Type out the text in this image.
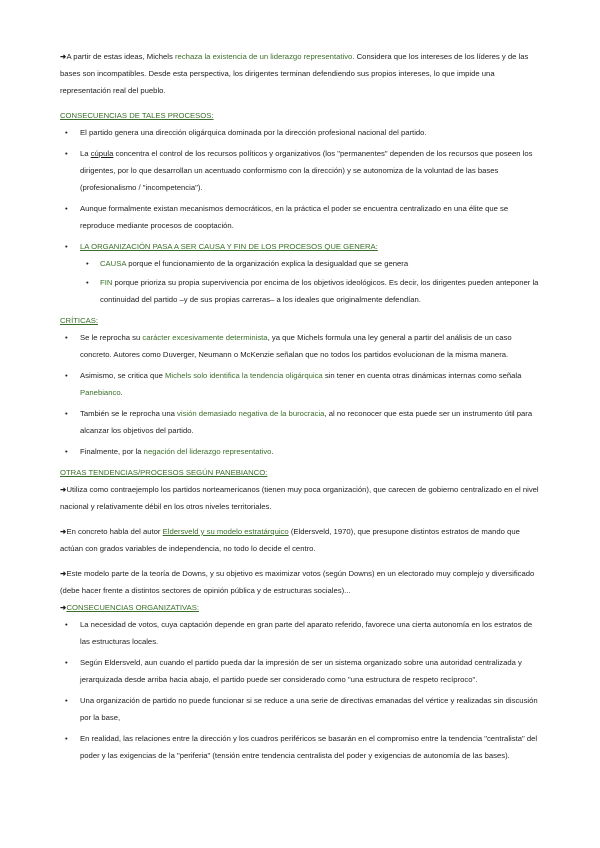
➜A partir de estas ideas, Michels rechaza la existencia de un liderazgo representativo. Considera que los intereses de los líderes y de las bases son incompatibles. Desde esta perspectiva, los dirigentes terminan defendiendo sus propios intereses, lo que impide una representación real del pueblo.

CONSECUENCIAS DE TALES PROCESOS:

• El partido genera una dirección oligárquica dominada por la dirección profesional nacional del partido.
• La cúpula concentra el control de los recursos políticos y organizativos (los "permanentes" dependen de los recursos que poseen los dirigentes, por lo que desarrollan un acentuado conformismo con la dirección) y se autonomiza de la voluntad de las bases (profesionalismo / "incompetencia").
• Aunque formalmente existan mecanismos democráticos, en la práctica el poder se encuentra centralizado en una élite que se reproduce mediante procesos de cooptación.
• LA ORGANIZACIÓN PASA A SER CAUSA Y FIN DE LOS PROCESOS QUE GENERA:
• CAUSA porque el funcionamiento de la organización explica la desigualdad que se genera
• FIN porque prioriza su propia supervivencia por encima de los objetivos ideológicos. Es decir, los dirigentes pueden anteponer la continuidad del partido –y de sus propias carreras– a los ideales que originalmente defendían.

CRÍTICAS:

• Se le reprocha su carácter excesivamente determinista, ya que Michels formula una ley general a partir del análisis de un caso concreto. Autores como Duverger, Neumann o McKenzie señalan que no todos los partidos evolucionan de la misma manera.
• Asimismo, se critica que Michels solo identifica la tendencia oligárquica sin tener en cuenta otras dinámicas internas como señala Panebianco.
• También se le reprocha una visión demasiado negativa de la burocracia, al no reconocer que esta puede ser un instrumento útil para alcanzar los objetivos del partido.
• Finalmente, por la negación del liderazgo representativo.

OTRAS TENDENCIAS/PROCESOS SEGÚN PANEBIANCO:

➜Utiliza como contraejemplo los partidos norteamericanos (tienen muy poca organización), que carecen de gobierno centralizado en el nivel nacional y relativamente débil en los otros niveles territoriales.

➜En concreto habla del autor Eldersveld y su modelo estratárquico (Eldersveld, 1970), que presupone distintos estratos de mando que actúan con grados variables de independencia, no todo lo decide el centro.

➜Este modelo parte de la teoría de Downs, y su objetivo es maximizar votos (según Downs) en un electorado muy complejo y diversificado (debe hacer frente a distintos sectores de opinión pública y de estructuras sociales)...

➜CONSECUENCIAS ORGANIZATIVAS:

• La necesidad de votos, cuya captación depende en gran parte del aparato referido, favorece una cierta autonomía en los estratos de las estructuras locales.
• Según Eldersveld, aun cuando el partido pueda dar la impresión de ser un sistema organizado sobre una autoridad centralizada y jerarquizada desde arriba hacia abajo, el partido puede ser considerado como "una estructura de respeto recíproco".
• Una organización de partido no puede funcionar si se reduce a una serie de directivas emanadas del vértice y realizadas sin discusión por la base,
• En realidad, las relaciones entre la dirección y los cuadros periféricos se basarán en el compromiso entre la tendencia "centralista" del poder y las exigencias de la "periferia" (tensión entre tendencia centralista del poder y exigencias de autonomía de las bases).
